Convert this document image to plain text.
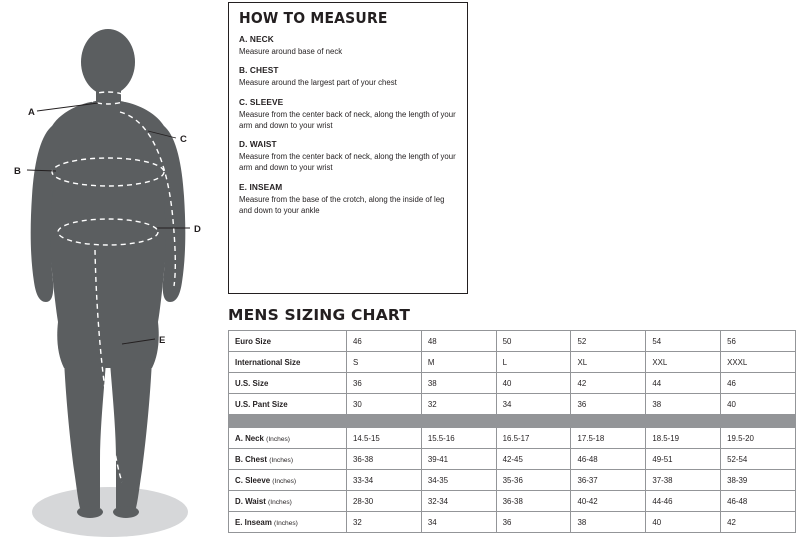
A
B
C
D
E
HOW TO MEASURE

A. NECK

Measure around base of neck

B. CHEST

Measure around the largest part of your chest

C. SLEEVE

Measure from the center back of neck, along the length of your arm and down to your wrist

D. WAIST

Measure from the center back of neck, along the length of your arm and down to your wrist

E. INSEAM

Measure from the base of the crotch, along the inside of leg and down to your ankle

MENS SIZING CHART
Euro Size	46	48	50	52	54	56
International Size	S	M	L	XL	XXL	XXXL
U.S. Size	36	38	40	42	44	46
U.S. Pant Size	30	32	34	36	38	40

A. Neck (Inches)	14.5-15	15.5-16	16.5-17	17.5-18	18.5-19	19.5-20
B. Chest (Inches)	36-38	39-41	42-45	46-48	49-51	52-54
C. Sleeve (Inches)	33-34	34-35	35-36	36-37	37-38	38-39
D. Waist (Inches)	28-30	32-34	36-38	40-42	44-46	46-48
E. Inseam (Inches)	32	34	36	38	40	42
